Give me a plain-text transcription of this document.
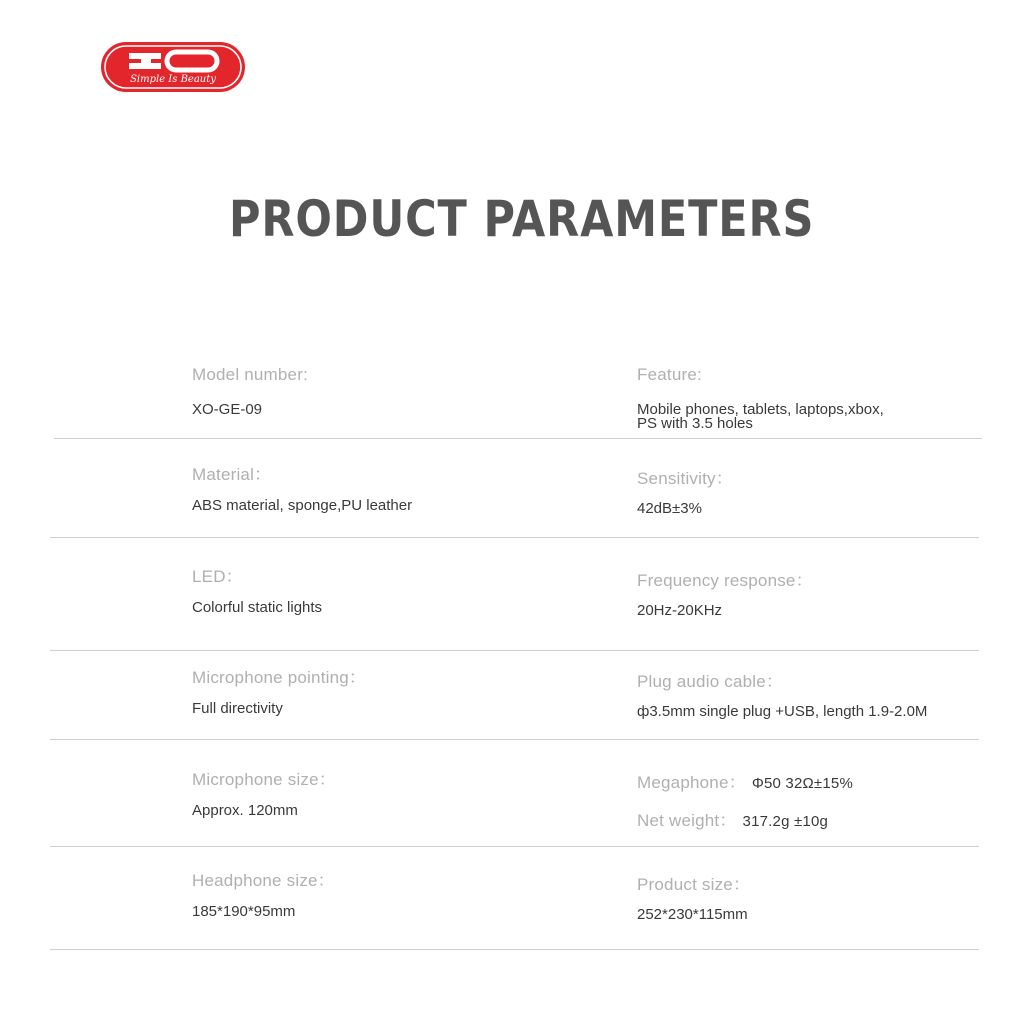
Simple Is Beauty
PRODUCT PARAMETERS
Model number:
XO-GE-09
Feature:
Mobile phones, tablets, laptops,xbox,
PS with 3.5 holes
Material：
ABS material, sponge,PU leather
Sensitivity：
42dB±3%
LED：
Colorful static lights
Frequency response：
20Hz-20KHz
Microphone pointing：
Full directivity
Plug audio cable：
ф3.5mm single plug +USB, length 1.9-2.0M
Microphone size：
Approx. 120mm
Megaphone： Φ50 32Ω±15%
Net weight： 317.2g ±10g
Headphone size：
185*190*95mm
Product size：
252*230*115mm
